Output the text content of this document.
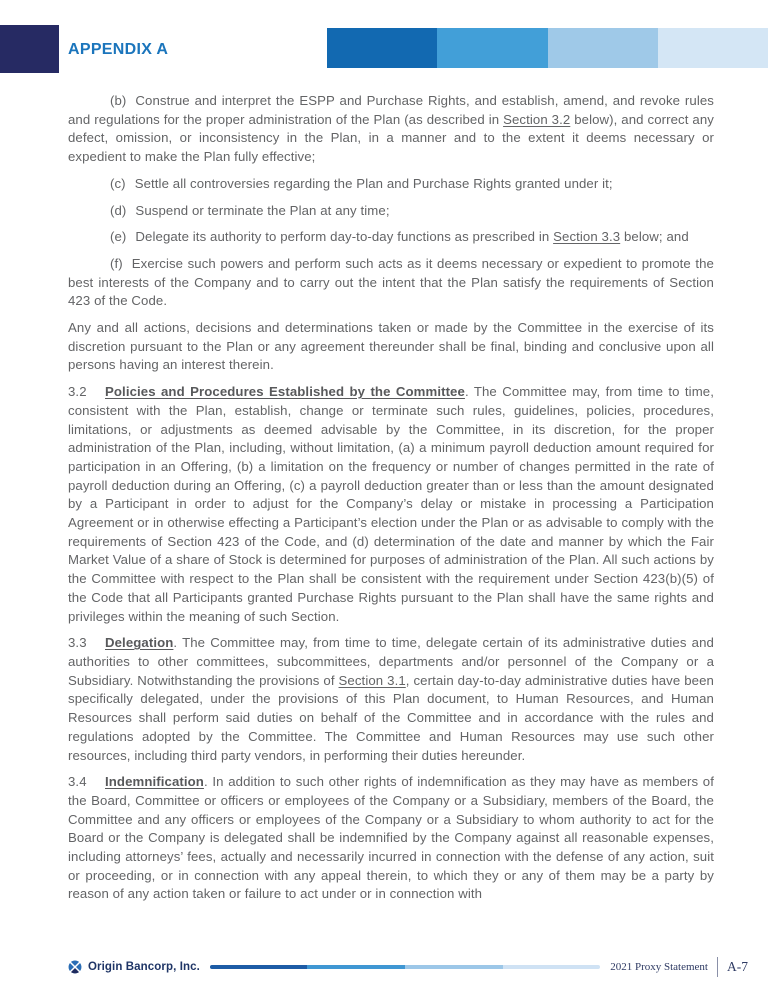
APPENDIX A

(b) Construe and interpret the ESPP and Purchase Rights, and establish, amend, and revoke rules and regulations for the proper administration of the Plan (as described in Section 3.2 below), and correct any defect, omission, or inconsistency in the Plan, in a manner and to the extent it deems necessary or expedient to make the Plan fully effective;

(c) Settle all controversies regarding the Plan and Purchase Rights granted under it;

(d) Suspend or terminate the Plan at any time;

(e) Delegate its authority to perform day-to-day functions as prescribed in Section 3.3 below; and

(f) Exercise such powers and perform such acts as it deems necessary or expedient to promote the best interests of the Company and to carry out the intent that the Plan satisfy the requirements of Section 423 of the Code.

Any and all actions, decisions and determinations taken or made by the Committee in the exercise of its discretion pursuant to the Plan or any agreement thereunder shall be final, binding and conclusive upon all persons having an interest therein.

3.2 Policies and Procedures Established by the Committee. The Committee may, from time to time, consistent with the Plan, establish, change or terminate such rules, guidelines, policies, procedures, limitations, or adjustments as deemed advisable by the Committee, in its discretion, for the proper administration of the Plan, including, without limitation, (a) a minimum payroll deduction amount required for participation in an Offering, (b) a limitation on the frequency or number of changes permitted in the rate of payroll deduction during an Offering, (c) a payroll deduction greater than or less than the amount designated by a Participant in order to adjust for the Company’s delay or mistake in processing a Participation Agreement or in otherwise effecting a Participant’s election under the Plan or as advisable to comply with the requirements of Section 423 of the Code, and (d) determination of the date and manner by which the Fair Market Value of a share of Stock is determined for purposes of administration of the Plan. All such actions by the Committee with respect to the Plan shall be consistent with the requirement under Section 423(b)(5) of the Code that all Participants granted Purchase Rights pursuant to the Plan shall have the same rights and privileges within the meaning of such Section.

3.3 Delegation. The Committee may, from time to time, delegate certain of its administrative duties and authorities to other committees, subcommittees, departments and/or personnel of the Company or a Subsidiary. Notwithstanding the provisions of Section 3.1, certain day-to-day administrative duties have been specifically delegated, under the provisions of this Plan document, to Human Resources, and Human Resources shall perform said duties on behalf of the Committee and in accordance with the rules and regulations adopted by the Committee. The Committee and Human Resources may use such other resources, including third party vendors, in performing their duties hereunder.

3.4 Indemnification. In addition to such other rights of indemnification as they may have as members of the Board, Committee or officers or employees of the Company or a Subsidiary, members of the Board, the Committee and any officers or employees of the Company or a Subsidiary to whom authority to act for the Board or the Company is delegated shall be indemnified by the Company against all reasonable expenses, including attorneys’ fees, actually and necessarily incurred in connection with the defense of any action, suit or proceeding, or in connection with any appeal therein, to which they or any of them may be a party by reason of any action taken or failure to act under or in connection with

Origin Bancorp, Inc.	2021 Proxy Statement A-7
